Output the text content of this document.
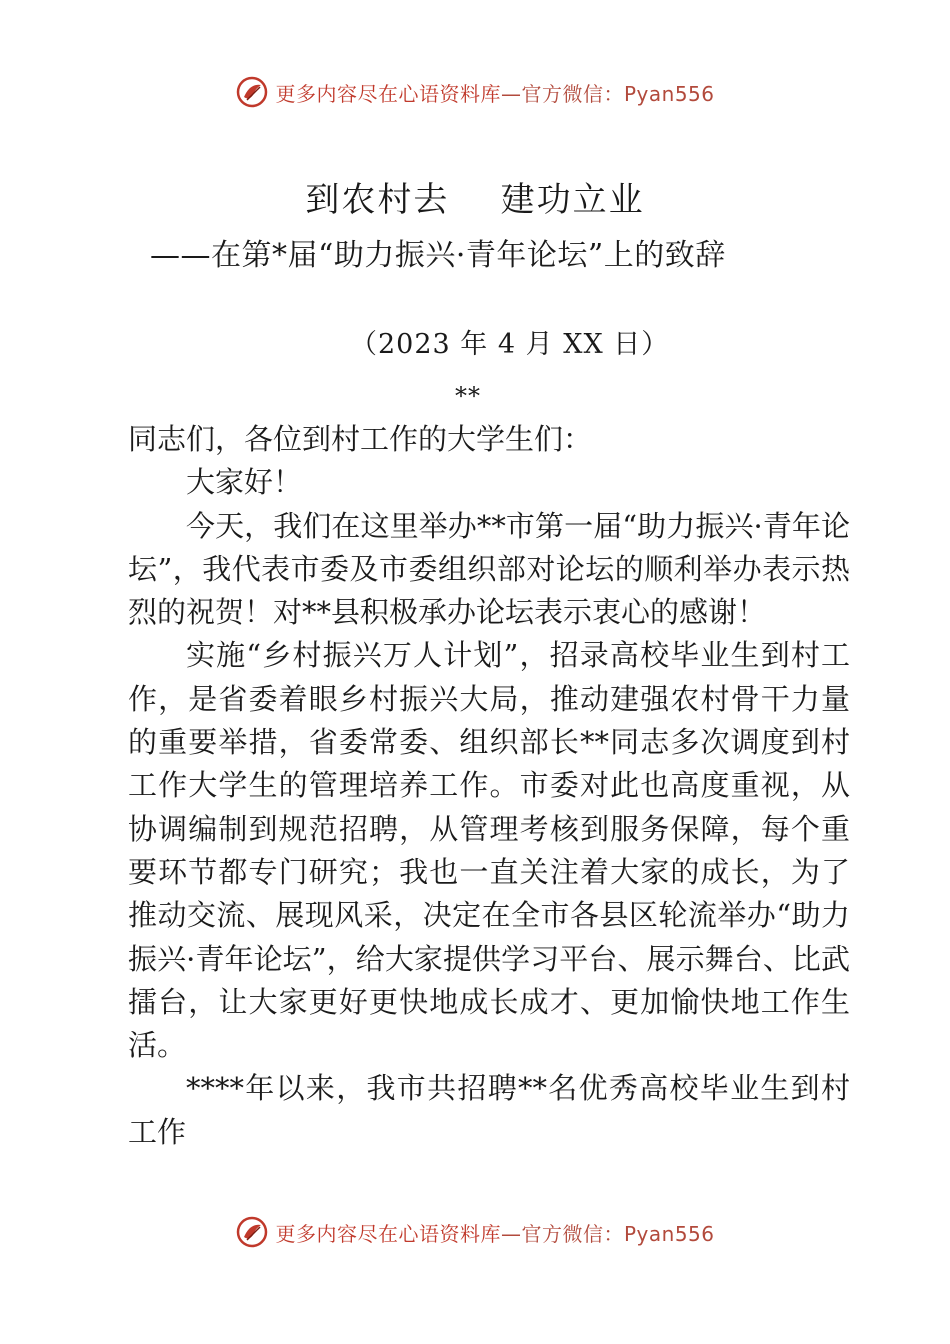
更多内容尽在心语资料库—官方微信：Pyan556
到农村去    建功立业
——在第*届“助力振兴·青年论坛”上的致辞
（2023 年 4 月 XX 日）
**

同志们，各位到村工作的大学生们：

大家好！

今天，我们在这里举办**市第一届“助力振兴·青年论坛”，我代表市委及市委组织部对论坛的顺利举办表示热烈的祝贺！对**县积极承办论坛表示衷心的感谢！

实施“乡村振兴万人计划”，招录高校毕业生到村工作，是省委着眼乡村振兴大局，推动建强农村骨干力量的重要举措，省委常委、组织部长**同志多次调度到村工作大学生的管理培养工作。市委对此也高度重视，从协调编制到规范招聘，从管理考核到服务保障，每个重要环节都专门研究；我也一直关注着大家的成长，为了推动交流、展现风采，决定在全市各县区轮流举办“助力振兴·青年论坛”，给大家提供学习平台、展示舞台、比武擂台，让大家更好更快地成长成才、更加愉快地工作生活。

****年以来，我市共招聘**名优秀高校毕业生到村工作

更多内容尽在心语资料库—官方微信：Pyan556
